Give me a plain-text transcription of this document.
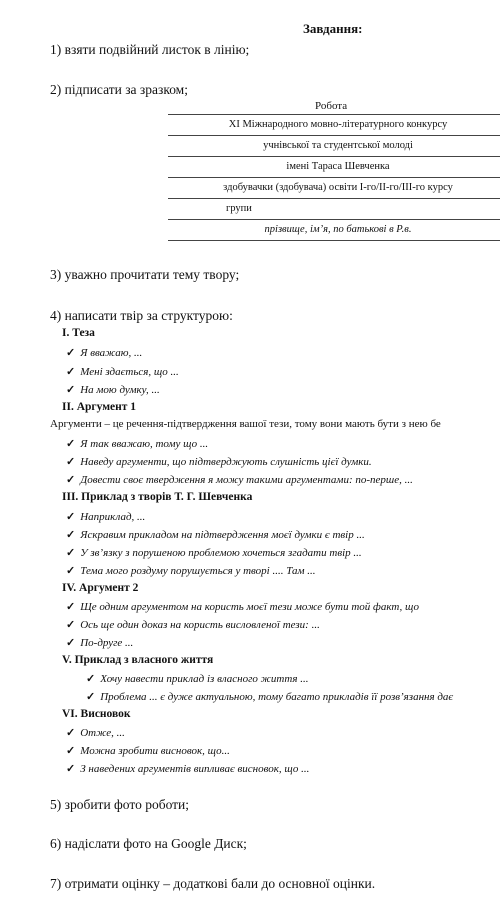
Завдання:
1) взяти подвійний листок в лінію;
2) підписати за зразком;
Робота
XI Міжнародного мовно-літературного конкурсу
учнівської та студентської молоді
імені Тараса Шевченка
здобувачки (здобувача) освіти І-го/ІІ-го/ІІІ-го курсу
групи
прізвище, ім’я, по батькові в Р.в.
3) уважно прочитати тему твору;
4) написати твір за структурою:
І. Теза
✓ Я вважаю, ...
✓ Мені здається, що ...
✓ На мою думку, ...
ІІ. Аргумент 1
Аргументи – це речення-підтвердження вашої тези, тому вони мають бути з нею бе
✓ Я так вважаю, тому що ...
✓ Наведу аргументи, що підтверджують слушність цієї думки.
✓ Довести своє твердження я можу такими аргументами: по-перше, ...
ІІІ. Приклад з творів Т. Г. Шевченка
✓ Наприклад, ...
✓ Яскравим прикладом на підтвердження моєї думки є твір ...
✓ У зв’язку з порушеною проблемою хочеться згадати твір ...
✓ Тема мого роздуму порушується у творі .... Там ...
IV. Аргумент 2
✓ Ще одним аргументом на користь моєї тези може бути той факт, що
✓ Ось ще один доказ на користь висловленої тези: ...
✓ По-друге ...
V. Приклад з власного життя
✓ Хочу навести приклад із власного життя ...
✓ Проблема ... є дуже актуальною, тому багато прикладів її розв’язання дає
VI. Висновок
✓ Отже, ...
✓ Можна зробити висновок, що...
✓ З наведених аргументів випливає висновок, що ...
5) зробити фото роботи;
6) надіслати фото на Google Диск;
7) отримати оцінку – додаткові бали до основної оцінки.
